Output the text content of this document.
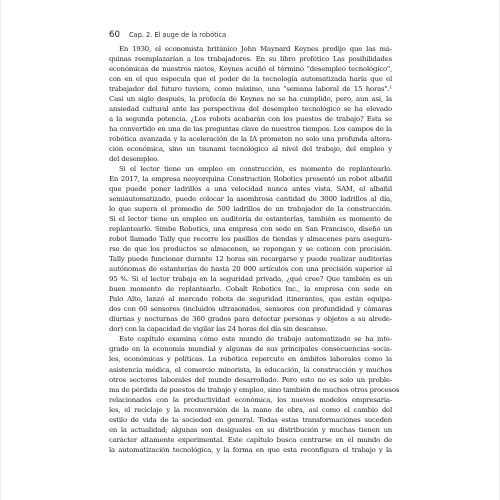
60 Cap. 2. El auge de la robótica
En 1930, el economista británico John Maynard Keynes predijo que las má-
quinas reemplazarían a los trabajadores. En su libro profético Las posibilidades
económicas de nuestros nietos, Keynes acuñó el término "desempleo tecnológico",
con en el que especula que el poder de la tecnología automatizada haría que el
trabajador del futuro tuviera, como máximo, una "semana laboral de 15 horas".¹
Casi un siglo después, la profecía de Keynes no se ha cumplido, pero, aun así, la
ansiedad cultural ante las perspectivas del desempleo tecnológico se ha elevado
a la segunda potencia. ¿Los robots acabarán con los puestos de trabajo? Esta se
ha convertido en una de las preguntas clave de nuestros tiempos. Los campos de la
robótica avanzada y la aceleración de la IA prometen no solo una profunda altera-
ción económica, sino un tsunami tecnológico al nivel del trabajo, del empleo y
del desempleo.
Si el lector tiene un empleo en construcción, es momento de replantearlo.
En 2017, la empresa neoyorquina Construction Robotics presentó un robot albañil
que puede poner ladrillos a una velocidad nunca antes vista. SAM, el albañil
semiautomatizado, puede colocar la asombrosa cantidad de 3000 ladrillos al día,
lo que supera el promedio de 500 ladrillos de un trabajador de la construcción.
Si el lector tiene un empleo en auditoría de estanterías, también es momento de
replantearlo. Simbe Robotics, una empresa con sede en San Francisco, diseñó un
robot llamado Tally que recorre los pasillos de tiendas y almacenes para asegura-
rse de que los productos se almacenen, se repongan y se coticen con precisión.
Tally puede funcionar durante 12 horas sin recargarse y puede realizar auditorías
autónomas de estanterías de hasta 20 000 artículos con una precisión superior al
95 %. Si el lector trabaja en la seguridad privada, ¿qué cree? Que también es un
buen momento de replantearlo. Cobalt Robotics Inc., la empresa con sede en
Palo Alto, lanzó al mercado robots de seguridad itinerantes, que están equipa-
dos con 60 sensores (incluidos ultrasonidos, sensores con profundidad y cámaras
diurnas y nocturnas de 360 grados para detectar personas y objetos a su alrede-
dor) con la capacidad de vigilar las 24 horas del día sin descanso.
Este capítulo examina cómo este mundo de trabajo automatizado se ha inte-
grado en la economía mundial y algunas de sus principales consecuencias socia-
les, económicas y políticas. La robótica repercute en ámbitos laborales como la
asistencia médica, el comercio minorista, la educación, la construcción y muchos
otros sectores laborales del mundo desarrollado. Pero esto no es solo un proble-
ma de pérdida de puestos de trabajo y empleo, sino también de muchos otros procesos
relacionados con la productividad económica, los nuevos modelos empresaria-
les, el reciclaje y la reconversión de la mano de obra, así como el cambio del
estilo de vida de la sociedad en general. Todas estas transformaciones suceden
en la actualidad; algunas son desiguales en su distribución y muchas tienen un
carácter altamente experimental. Este capítulo busca centrarse en el mundo de
la automatización tecnológica, y la forma en que esta reconfigura el trabajo y la
